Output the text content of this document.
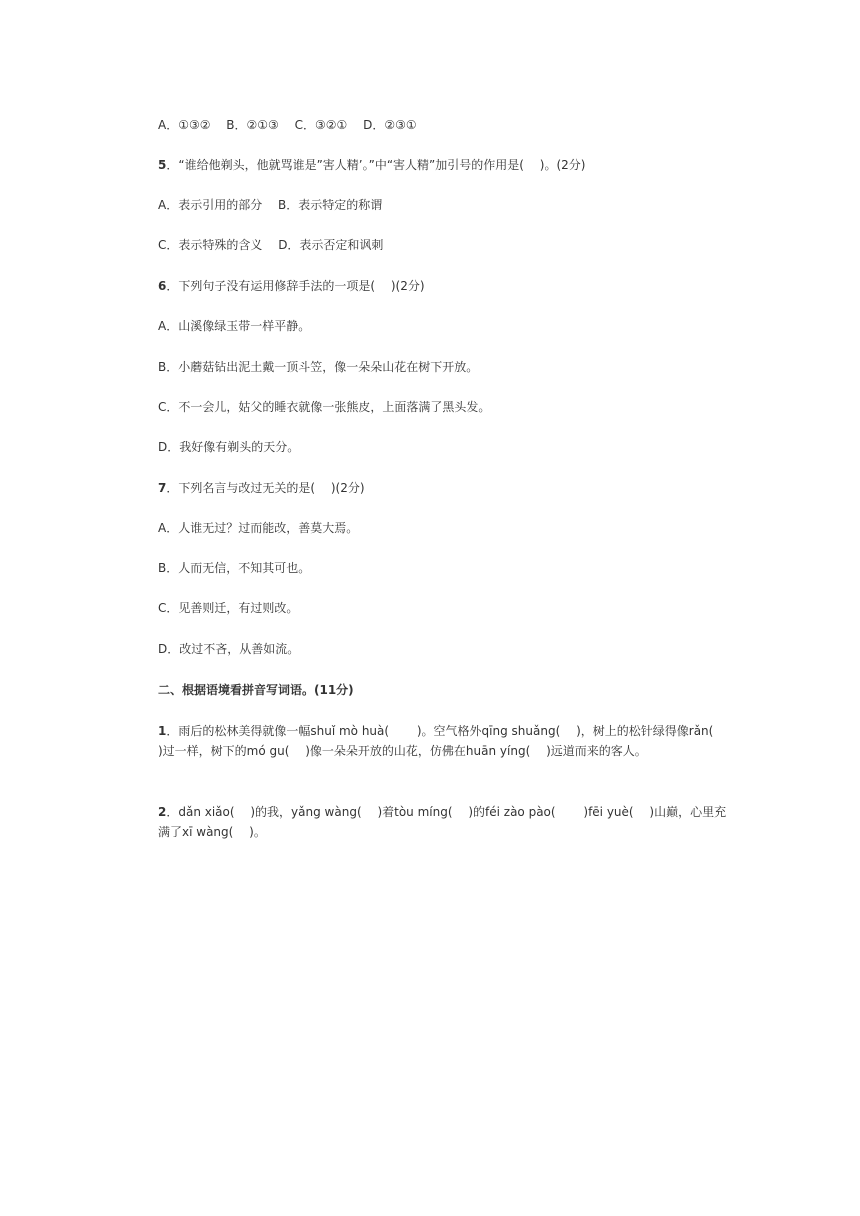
A．①③②　 B．②①③　 C．③②①　 D．②③①
5．“谁给他剃头，他就骂谁是”害人精’。”中“害人精”加引号的作用是(　 )。(2分)
A．表示引用的部分　 B．表示特定的称谓
C．表示特殊的含义　 D．表示否定和讽刺
6．下列句子没有运用修辞手法的一项是(　 )(2分)
A．山溪像绿玉带一样平静。
B．小蘑菇钻出泥土戴一顶斗笠，像一朵朵山花在树下开放。
C．不一会儿，姑父的睡衣就像一张熊皮，上面落满了黑头发。
D．我好像有剃头的天分。
7．下列名言与改过无关的是(　 )(2分)
A．人谁无过？过而能改，善莫大焉。
B．人而无信，不知其可也。
C．见善则迁，有过则改。
D．改过不吝，从善如流。
二、根据语境看拼音写词语。(11分)
1．雨后的松林美得就像一幅shuǐ mò huà(　　 )。空气格外qīng shuǎng(　 )，树上的松针绿得像rǎn(　　 )过一样，树下的mó gu(　 )像一朵朵开放的山花，仿佛在huān yíng(　 )远道而来的客人。
2．dǎn xiǎo(　 )的我，yǎng wàng(　 )着tòu míng(　 )的féi zào pào(　　 )fēi yuè(　 )山巅，心里充满了xī wàng(　 )。
